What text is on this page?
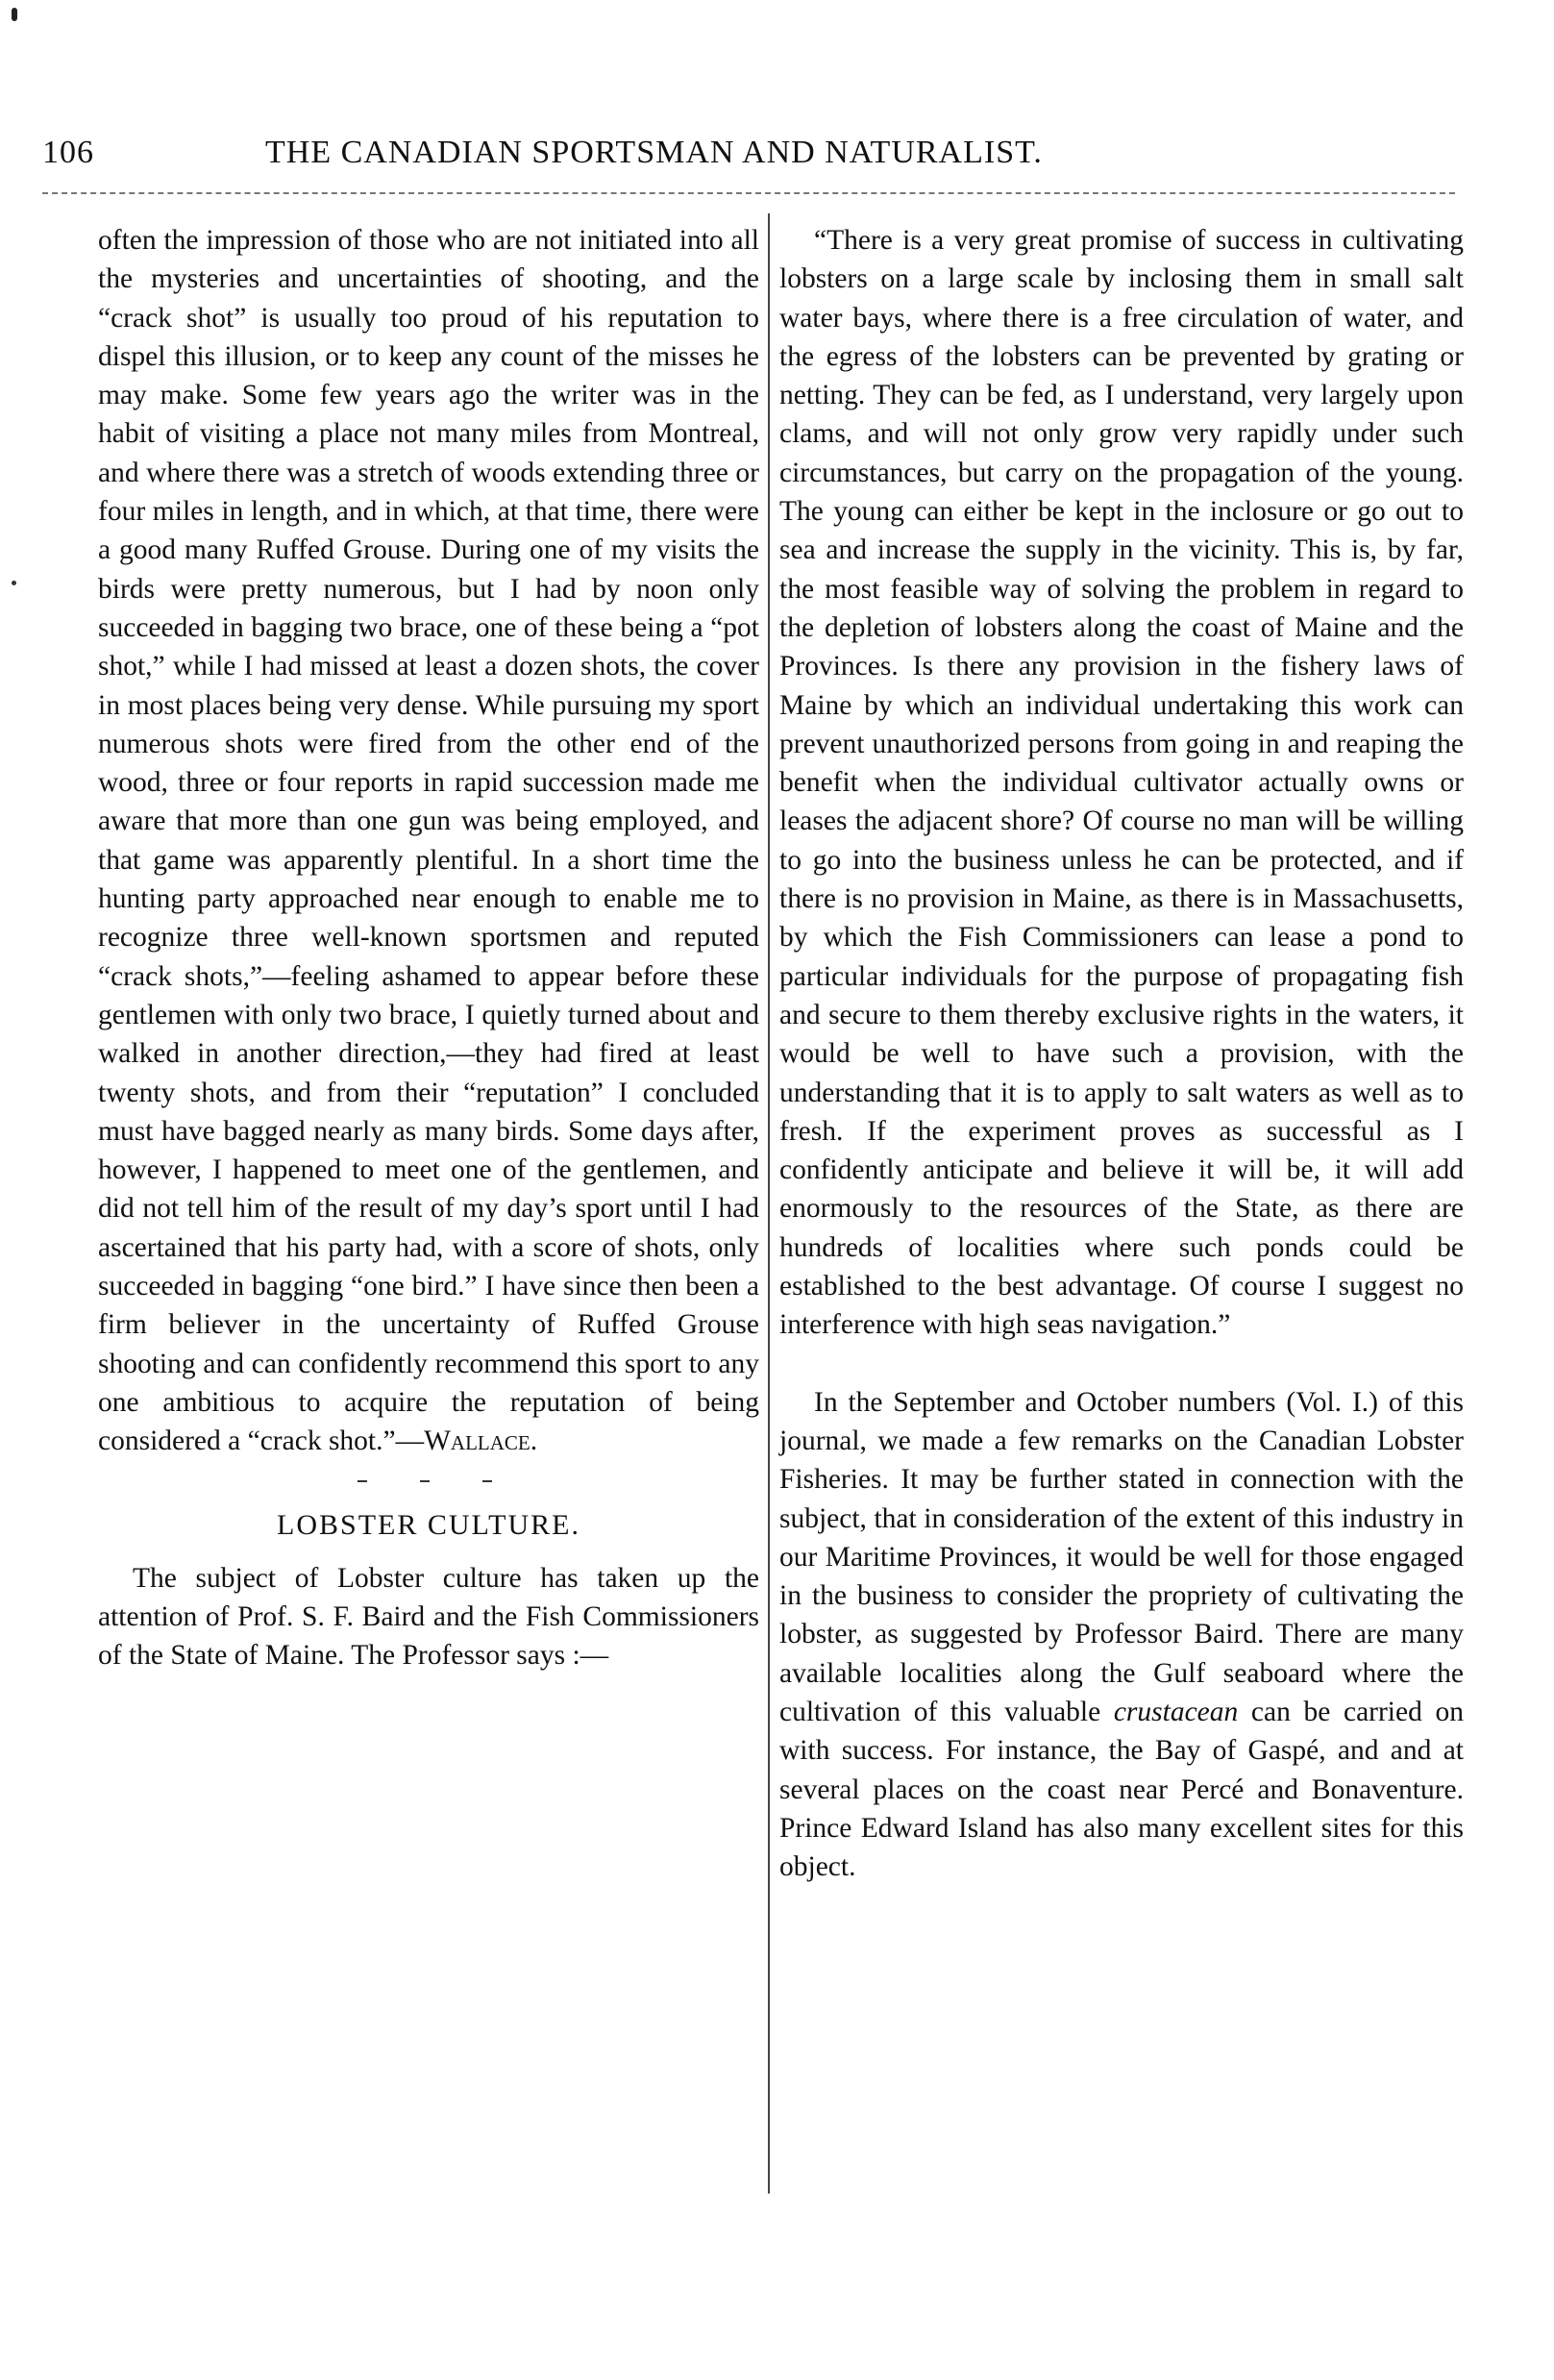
106	THE CANADIAN SPORTSMAN AND NATURALIST.

often the impression of those who are not initiated into all the mysteries and uncertainties of shooting, and the “crack shot” is usually too proud of his reputation to dispel this illusion, or to keep any count of the misses he may make. Some few years ago the writer was in the habit of visiting a place not many miles from Montreal, and where there was a stretch of woods extending three or four miles in length, and in which, at that time, there were a good many Ruffed Grouse. During one of my visits the birds were pretty numerous, but I had by noon only succeeded in bagging two brace, one of these being a “pot shot,” while I had missed at least a dozen shots, the cover in most places being very dense. While pursuing my sport numerous shots were fired from the other end of the wood, three or four reports in rapid succession made me aware that more than one gun was being employed, and that game was apparently plentiful. In a short time the hunting party approached near enough to enable me to recognize three well-known sportsmen and reputed “crack shots,”—feeling ashamed to appear before these gentlemen with only two brace, I quietly turned about and walked in another direction,—they had fired at least twenty shots, and from their “reputation” I concluded must have bagged nearly as many birds. Some days after, however, I happened to meet one of the gentlemen, and did not tell him of the result of my day’s sport until I had ascertained that his party had, with a score of shots, only succeeded in bagging “one bird.” I have since then been a firm believer in the uncertainty of Ruffed Grouse shooting and can confidently recommend this sport to any one ambitious to acquire the reputation of being considered a “crack shot.”—Wallace.

LOBSTER CULTURE.

The subject of Lobster culture has taken up the attention of Prof. S. F. Baird and the Fish Commissioners of the State of Maine. The Professor says :—

“There is a very great promise of success in cultivating lobsters on a large scale by inclosing them in small salt water bays, where there is a free circulation of water, and the egress of the lobsters can be prevented by grating or netting. They can be fed, as I understand, very largely upon clams, and will not only grow very rapidly under such circumstances, but carry on the propagation of the young. The young can either be kept in the inclosure or go out to sea and increase the supply in the vicinity. This is, by far, the most feasible way of solving the problem in regard to the depletion of lobsters along the coast of Maine and the Provinces. Is there any provision in the fishery laws of Maine by which an individual undertaking this work can prevent unauthorized persons from going in and reaping the benefit when the individual cultivator actually owns or leases the adjacent shore? Of course no man will be willing to go into the business unless he can be protected, and if there is no provision in Maine, as there is in Massachusetts, by which the Fish Commissioners can lease a pond to particular individuals for the purpose of propagating fish and secure to them thereby exclusive rights in the waters, it would be well to have such a provision, with the understanding that it is to apply to salt waters as well as to fresh. If the experiment proves as successful as I confidently anticipate and believe it will be, it will add enormously to the resources of the State, as there are hundreds of localities where such ponds could be established to the best advantage. Of course I suggest no interference with high seas navigation.”

In the September and October numbers (Vol. I.) of this journal, we made a few remarks on the Canadian Lobster Fisheries. It may be further stated in connection with the subject, that in consideration of the extent of this industry in our Maritime Provinces, it would be well for those engaged in the business to consider the propriety of cultivating the lobster, as suggested by Professor Baird. There are many available localities along the Gulf seaboard where the cultivation of this valuable crustacean can be carried on with success. For instance, the Bay of Gaspé, and and at several places on the coast near Percé and Bonaventure. Prince Edward Island has also many excellent sites for this object.
